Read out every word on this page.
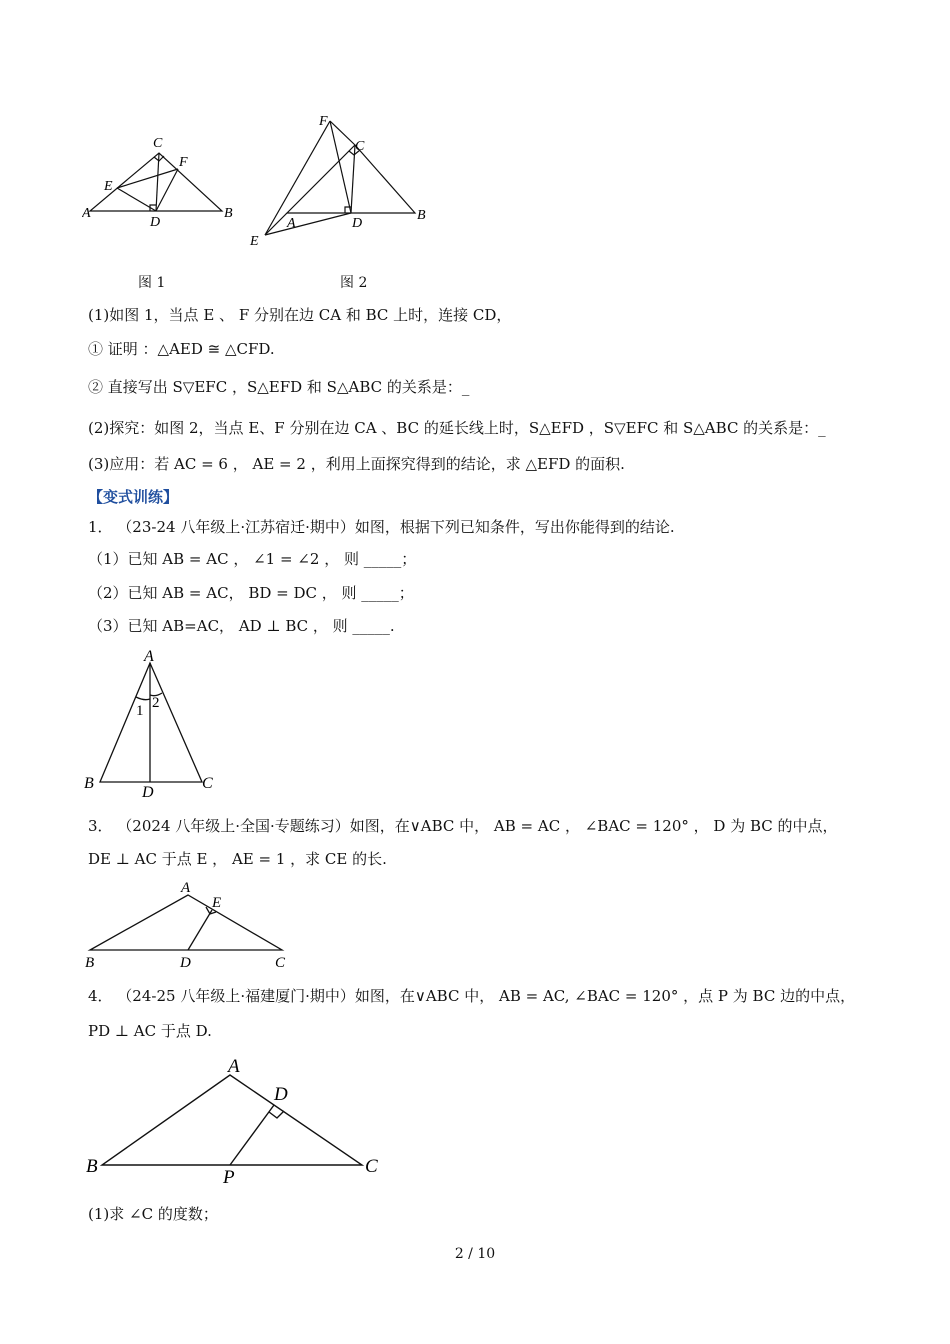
A	B
C
D
E
F
图 1
F
C
A
B
D
E
图 2
(1)如图 1，当点 E 、 F 分别在边 CA 和 BC 上时，连接 CD，
① 证明 ：△AED ≅ △CFD.
② 直接写出 S▽EFC ，S△EFD 和 S△ABC 的关系是：_
(2)探究：如图 2，当点 E、F 分别在边 CA 、BC 的延长线上时，S△EFD ，S▽EFC 和 S△ABC 的关系是：_
(3)应用：若 AC = 6 ， AE = 2 ，利用上面探究得到的结论，求 △EFD 的面积.
【变式训练】
1． （23-24 八年级上·江苏宿迁·期中）如图，根据下列已知条件，写出你能得到的结论.
（1）已知 AB = AC ， ∠1 = ∠2 ， 则 _____；
（2）已知 AB = AC， BD = DC ， 则 _____；
（3）已知 AB=AC， AD ⊥ BC ， 则 _____.
A
B	C
D
1 2
3． （2024 八年级上·全国·专题练习）如图，在∨ABC 中， AB = AC ， ∠BAC = 120° ， D 为 BC 的中点，
DE ⊥ AC 于点 E ， AE = 1 ，求 CE 的长.
A
E
B	D	C
4． （24-25 八年级上·福建厦门·期中）如图，在∨ABC 中， AB = AC, ∠BAC = 120° ，点 P 为 BC 边的中点，
PD ⊥ AC 于点 D.
A
D
B
P
C
(1)求 ∠C 的度数；
2 / 10
